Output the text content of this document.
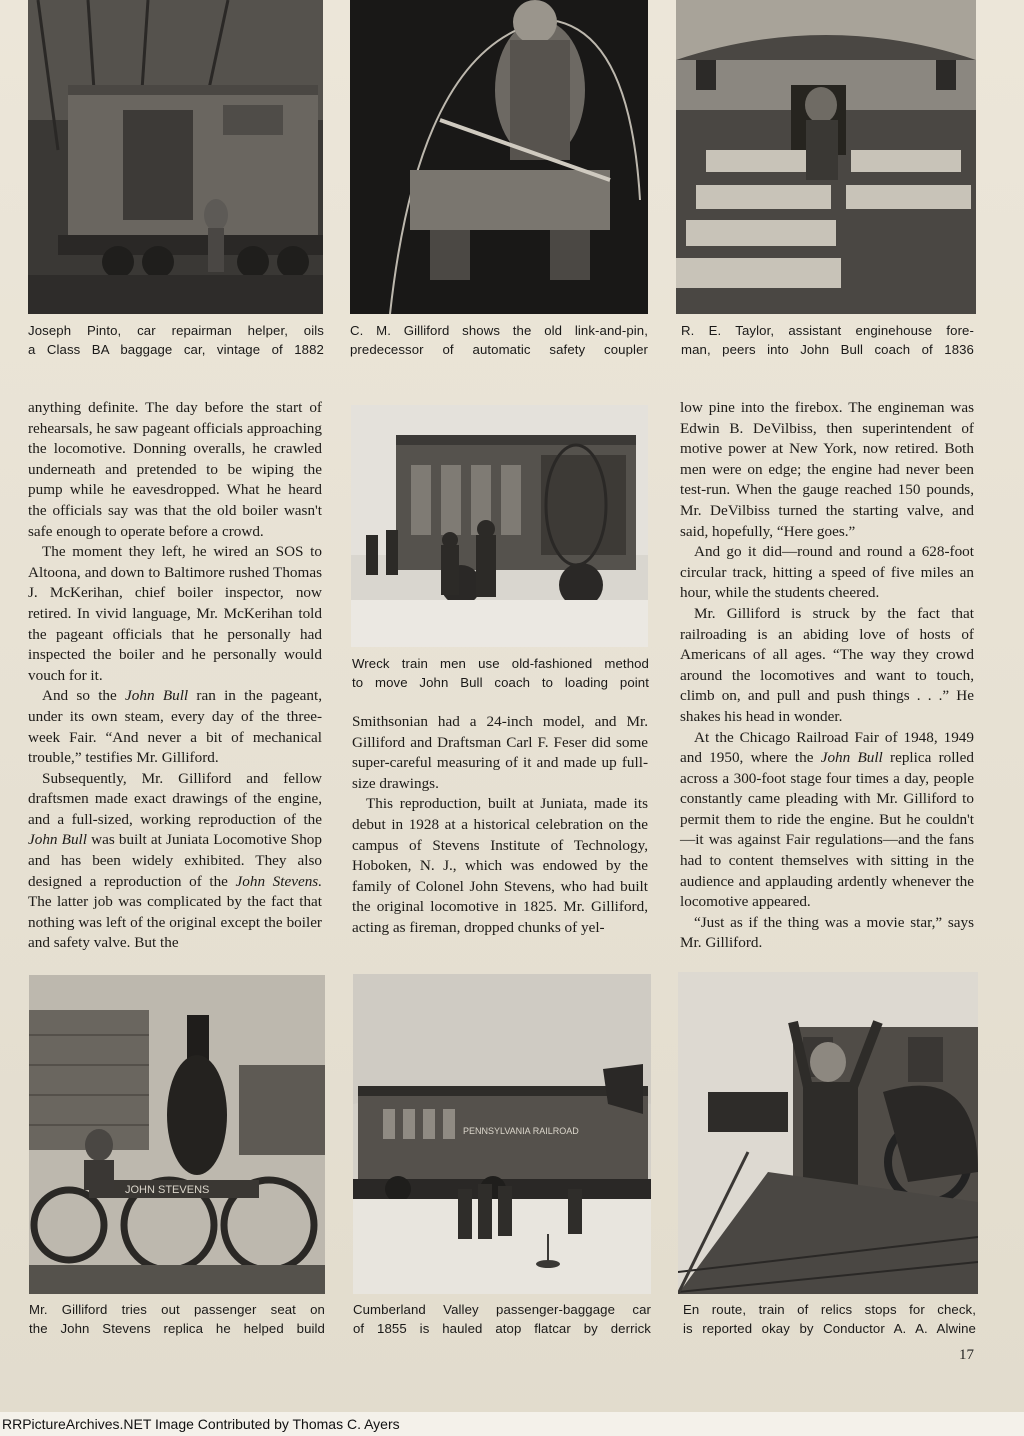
Joseph Pinto, car repairman helper, oils
a Class BA baggage car, vintage of 1882
C. M. Gilliford shows the old link-and-pin,
predecessor of automatic safety coupler
R. E. Taylor, assistant enginehouse fore-
man, peers into John Bull coach of 1836

anything definite. The day before the start of rehearsals, he saw pageant officials approaching the locomotive. Donning overalls, he crawled underneath and pretended to be wiping the pump while he eavesdropped. What he heard the officials say was that the old boiler wasn't safe enough to operate before a crowd.

The moment they left, he wired an SOS to Altoona, and down to Baltimore rushed Thomas J. McKerihan, chief boiler inspector, now retired. In vivid language, Mr. McKerihan told the pageant officials that he personally had inspected the boiler and he personally would vouch for it.

And so the John Bull ran in the pageant, under its own steam, every day of the three-week Fair. “And never a bit of mechanical trouble,” testifies Mr. Gilliford.

Subsequently, Mr. Gilliford and fellow draftsmen made exact drawings of the engine, and a full-sized, working reproduction of the John Bull was built at Juniata Locomotive Shop and has been widely exhibited. They also designed a reproduction of the John Stevens. The latter job was complicated by the fact that nothing was left of the original except the boiler and safety valve. But the

Wreck train men use old-fashioned method
to move John Bull coach to loading point

Smithsonian had a 24-inch model, and Mr. Gilliford and Draftsman Carl F. Feser did some super-careful measuring of it and made up full-size drawings.

This reproduction, built at Juniata, made its debut in 1928 at a historical celebration on the campus of Stevens Institute of Technology, Hoboken, N. J., which was endowed by the family of Colonel John Stevens, who had built the original locomotive in 1825. Mr. Gilliford, acting as fireman, dropped chunks of yel-

low pine into the firebox. The engineman was Edwin B. DeVilbiss, then superintendent of motive power at New York, now retired. Both men were on edge; the engine had never been test-run. When the gauge reached 150 pounds, Mr. DeVilbiss turned the starting valve, and said, hopefully, “Here goes.”

And go it did—round and round a 628-foot circular track, hitting a speed of five miles an hour, while the students cheered.

Mr. Gilliford is struck by the fact that railroading is an abiding love of hosts of Americans of all ages. “The way they crowd around the locomotives and want to touch, climb on, and pull and push things . . .” He shakes his head in wonder.

At the Chicago Railroad Fair of 1948, 1949 and 1950, where the John Bull replica rolled across a 300-foot stage four times a day, people constantly came pleading with Mr. Gilliford to permit them to ride the engine. But he couldn't—it was against Fair regulations—and the fans had to content themselves with sitting in the audience and applauding ardently whenever the locomotive appeared.

“Just as if the thing was a movie star,” says Mr. Gilliford.

JOHN STEVENS
Mr. Gilliford tries out passenger seat on
the John Stevens replica he helped build
PENNSYLVANIA RAILROAD
Cumberland Valley passenger-baggage car
of 1855 is hauled atop flatcar by derrick
En route, train of relics stops for check,
is reported okay by Conductor A. A. Alwine
17
RRPictureArchives.NET Image Contributed by Thomas C. Ayers
